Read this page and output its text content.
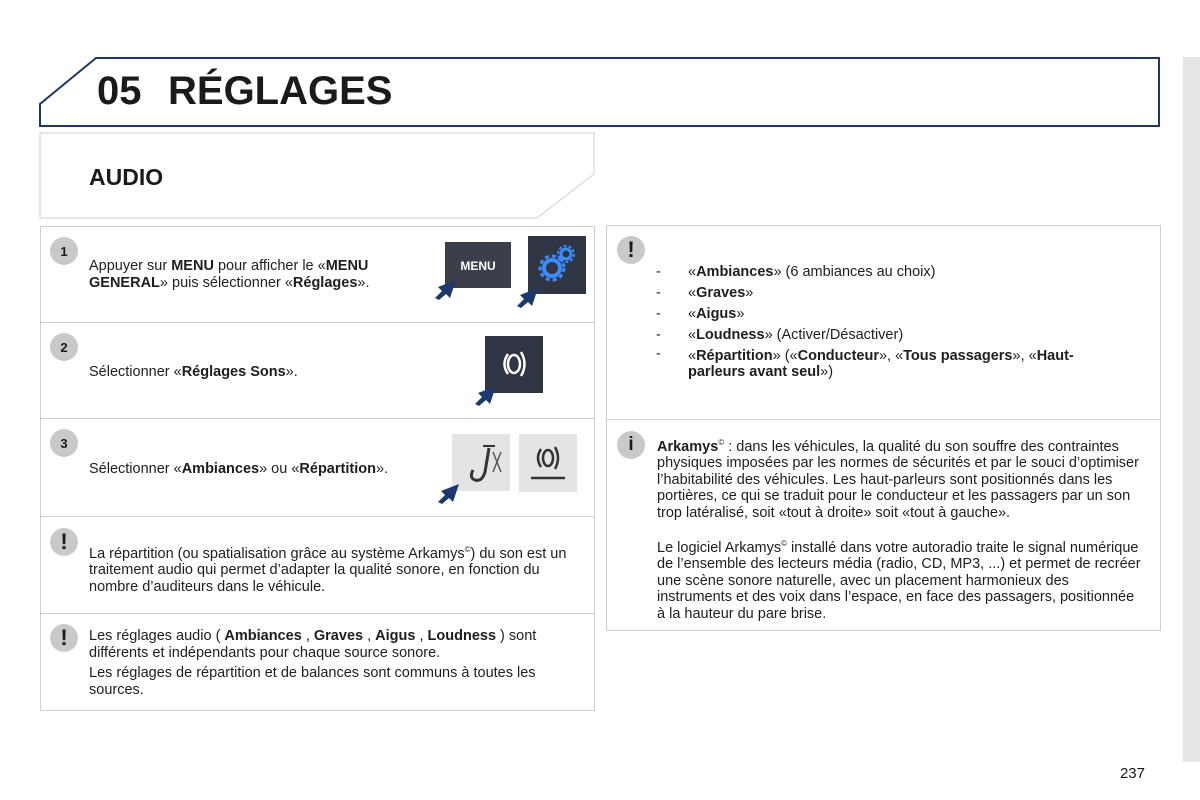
05 RÉGLAGES
AUDIO
1
Appuyer sur MENU pour afficher le «MENU GENERAL» puis sélectionner «Réglages».
MENU
2
Sélectionner «Réglages Sons».
3
Sélectionner «Ambiances» ou «Répartition».
!	La répartition (ou spatialisation grâce au système Arkamys©) du son est un traitement audio qui permet d’adapter la qualité sonore, en fonction du nombre d’auditeurs dans le véhicule.
!	Les réglages audio ( Ambiances , Graves , Aigus , Loudness ) sont différents et indépendants pour chaque source sonore.
Les réglages de répartition et de balances sont communs à toutes les sources.
!
- «Ambiances» (6 ambiances au choix)
- «Graves»
- «Aigus»
- «Loudness» (Activer/Désactiver)
- «Répartition» («Conducteur», «Tous passagers», «Haut-parleurs avant seul»)
i	Arkamys© : dans les véhicules, la qualité du son souffre des contraintes physiques imposées par les normes de sécurités et par le souci d’optimiser l’habitabilité des véhicules. Les haut-parleurs sont positionnés dans les portières, ce qui se traduit pour le conducteur et les passagers par un son trop latéralisé, soit «tout à droite» soit «tout à gauche».
Le logiciel Arkamys© installé dans votre autoradio traite le signal numérique de l’ensemble des lecteurs média (radio, CD, MP3, ...) et permet de recréer une scène sonore naturelle, avec un placement harmonieux des instruments et des voix dans l’espace, en face des passagers, positionnée à la hauteur du pare brise.
237
